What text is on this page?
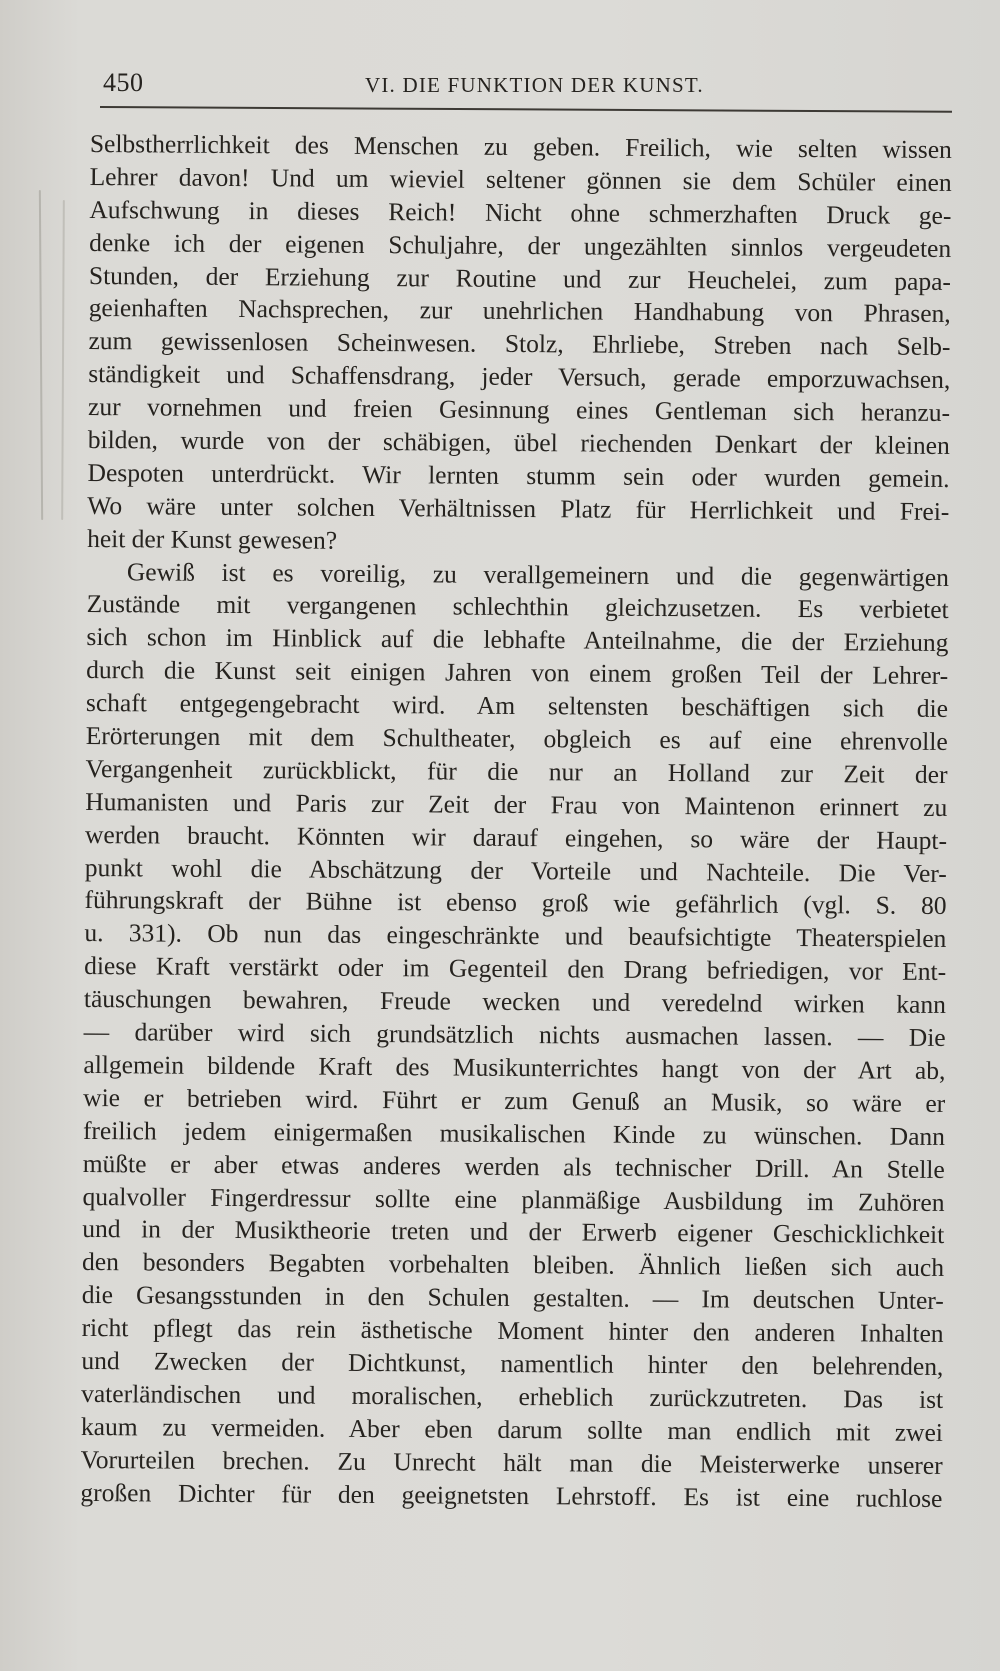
450	VI. DIE FUNKTION DER KUNST.
Selbstherrlichkeit des Menschen zu geben. Freilich, wie selten wissen
Lehrer davon! Und um wieviel seltener gönnen sie dem Schüler einen
Aufschwung in dieses Reich! Nicht ohne schmerzhaften Druck ge-
denke ich der eigenen Schuljahre, der ungezählten sinnlos vergeudeten
Stunden, der Erziehung zur Routine und zur Heuchelei, zum papa-
geienhaften Nachsprechen, zur unehrlichen Handhabung von Phrasen,
zum gewissenlosen Scheinwesen. Stolz, Ehrliebe, Streben nach Selb-
ständigkeit und Schaffensdrang, jeder Versuch, gerade emporzuwachsen,
zur vornehmen und freien Gesinnung eines Gentleman sich heranzu-
bilden, wurde von der schäbigen, übel riechenden Denkart der kleinen
Despoten unterdrückt. Wir lernten stumm sein oder wurden gemein.
Wo wäre unter solchen Verhältnissen Platz für Herrlichkeit und Frei-
heit der Kunst gewesen?
Gewiß ist es voreilig, zu verallgemeinern und die gegenwärtigen
Zustände mit vergangenen schlechthin gleichzusetzen. Es verbietet
sich schon im Hinblick auf die lebhafte Anteilnahme, die der Erziehung
durch die Kunst seit einigen Jahren von einem großen Teil der Lehrer-
schaft entgegengebracht wird. Am seltensten beschäftigen sich die
Erörterungen mit dem Schultheater, obgleich es auf eine ehrenvolle
Vergangenheit zurückblickt, für die nur an Holland zur Zeit der
Humanisten und Paris zur Zeit der Frau von Maintenon erinnert zu
werden braucht. Könnten wir darauf eingehen, so wäre der Haupt-
punkt wohl die Abschätzung der Vorteile und Nachteile. Die Ver-
führungskraft der Bühne ist ebenso groß wie gefährlich (vgl. S. 80
u. 331). Ob nun das eingeschränkte und beaufsichtigte Theaterspielen
diese Kraft verstärkt oder im Gegenteil den Drang befriedigen, vor Ent-
täuschungen bewahren, Freude wecken und veredelnd wirken kann
— darüber wird sich grundsätzlich nichts ausmachen lassen. — Die
allgemein bildende Kraft des Musikunterrichtes hangt von der Art ab,
wie er betrieben wird. Führt er zum Genuß an Musik, so wäre er
freilich jedem einigermaßen musikalischen Kinde zu wünschen. Dann
müßte er aber etwas anderes werden als technischer Drill. An Stelle
qualvoller Fingerdressur sollte eine planmäßige Ausbildung im Zuhören
und in der Musiktheorie treten und der Erwerb eigener Geschicklichkeit
den besonders Begabten vorbehalten bleiben. Ähnlich ließen sich auch
die Gesangsstunden in den Schulen gestalten. — Im deutschen Unter-
richt pflegt das rein ästhetische Moment hinter den anderen Inhalten
und Zwecken der Dichtkunst, namentlich hinter den belehrenden,
vaterländischen und moralischen, erheblich zurückzutreten. Das ist
kaum zu vermeiden. Aber eben darum sollte man endlich mit zwei
Vorurteilen brechen. Zu Unrecht hält man die Meisterwerke unserer
großen Dichter für den geeignetsten Lehrstoff. Es ist eine ruchlose
